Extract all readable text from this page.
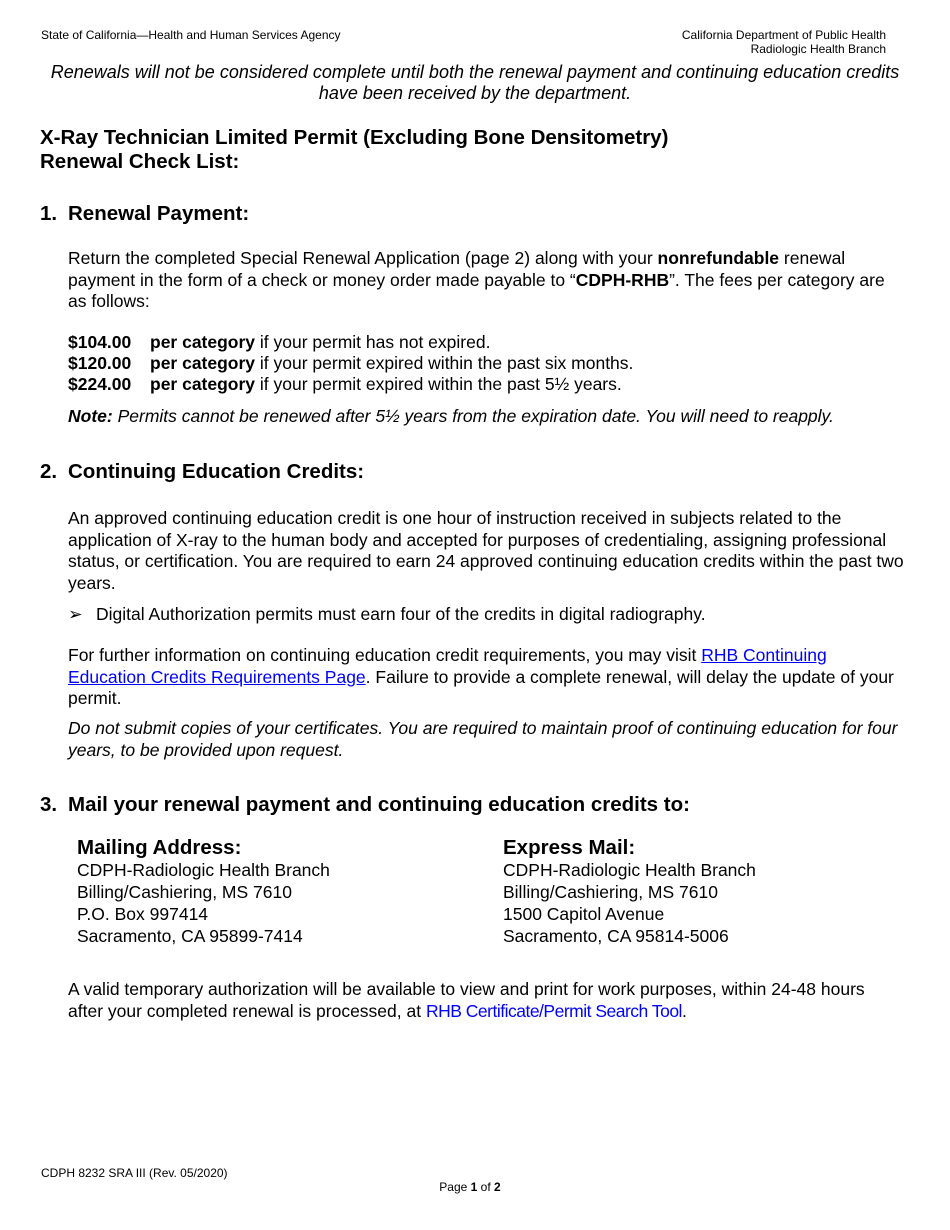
State of California—Health and Human Services Agency	California Department of Public Health
Radiologic Health Branch
Renewals will not be considered complete until both the renewal payment and continuing education credits have been received by the department.
X-Ray Technician Limited Permit (Excluding Bone Densitometry)
Renewal Check List:
1. Renewal Payment:
Return the completed Special Renewal Application (page 2) along with your nonrefundable renewal payment in the form of a check or money order made payable to “CDPH-RHB”. The fees per category are as follows:
$104.00 per category if your permit has not expired.
$120.00 per category if your permit expired within the past six months.
$224.00 per category if your permit expired within the past 5½ years.
Note: Permits cannot be renewed after 5½ years from the expiration date. You will need to reapply.
2. Continuing Education Credits:
An approved continuing education credit is one hour of instruction received in subjects related to the application of X-ray to the human body and accepted for purposes of credentialing, assigning professional status, or certification. You are required to earn 24 approved continuing education credits within the past two years.
➢ Digital Authorization permits must earn four of the credits in digital radiography.
For further information on continuing education credit requirements, you may visit RHB Continuing Education Credits Requirements Page. Failure to provide a complete renewal, will delay the update of your permit.
Do not submit copies of your certificates. You are required to maintain proof of continuing education for four years, to be provided upon request.
3. Mail your renewal payment and continuing education credits to:
Mailing Address:
CDPH-Radiologic Health Branch
Billing/Cashiering, MS 7610
P.O. Box 997414
Sacramento, CA 95899-7414
Express Mail:
CDPH-Radiologic Health Branch
Billing/Cashiering, MS 7610
1500 Capitol Avenue
Sacramento, CA 95814-5006
A valid temporary authorization will be available to view and print for work purposes, within 24-48 hours after your completed renewal is processed, at RHB Certificate/Permit Search Tool.
CDPH 8232 SRA III (Rev. 05/2020)
Page 1 of 2
